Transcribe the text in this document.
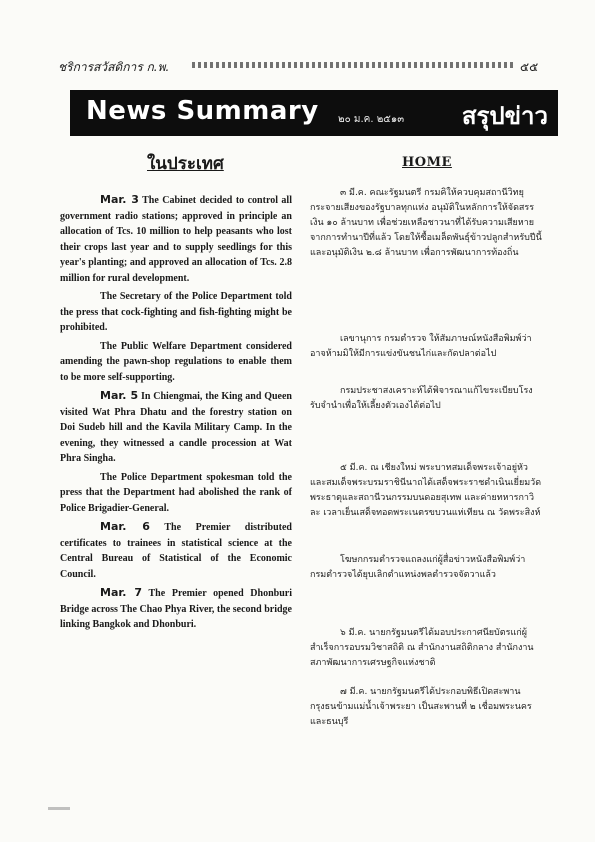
ชริการสวัสดิการ ก.พ.	๕๕
News Summary ๒๐ ม.ค. ๒๕๑๓ สรุปข่าว
ในประเทศ	HOME

Mar. 3 The Cabinet decided to control all government radio stations; approved in principle an allocation of Tcs. 10 million to help peasants who lost their crops last year and to supply seedlings for this year's planting; and approved an allocation of Tcs. 2.8 million for rural development.

The Secretary of the Police Department told the press that cock-fighting and fish-fighting might be prohibited.

The Public Welfare Department considered amending the pawn-shop regulations to enable them to be more self-supporting.

Mar. 5 In Chiengmai, the King and Queen visited Wat Phra Dhatu and the forestry station on Doi Sudeb hill and the Kavila Military Camp. In the evening, they witnessed a candle procession at Wat Phra Singha.

The Police Department spokesman told the press that the Department had abolished the rank of Police Brigadier-General.

Mar. 6 The Premier distributed certificates to trainees in statistical science at the Central Bureau of Statistical of the Economic Council.

Mar. 7 The Premier opened Dhonburi Bridge across The Chao Phya River, the second bridge linking Bangkok and Dhonburi.

๓ มี.ค. คณะรัฐมนตรี กรมคิให้ควบคุมสถานีวิทยุกระจายเสียงของรัฐบาลทุกแห่ง อนุมัติในหลักการให้จัดสรรเงิน ๑๐ ล้านบาท เพื่อช่วยเหลือชาวนาที่ได้รับความเสียหายจากการทำนาปีที่แล้ว โดยให้ซื้อเมล็ดพันธุ์ข้าวปลูกสำหรับปีนี้ และอนุมัติเงิน ๒.๘ ล้านบาท เพื่อการพัฒนาการท้องถิ่น

เลขานุการ กรมตำรวจ ให้สัมภาษณ์หนังสือพิมพ์ว่า อาจห้ามมิให้มีการแข่งขันชนไก่และกัดปลาต่อไป

กรมประชาสงเคราะห์ได้พิจารณาแก้ไขระเบียบโรงรับจำนำเพื่อให้เลี้ยงตัวเองได้ต่อไป

๕ มี.ค. ณ เชียงใหม่ พระบาทสมเด็จพระเจ้าอยู่หัวและสมเด็จพระบรมราชินีนาถได้เสด็จพระราชดำเนินเยี่ยมวัดพระธาตุและสถานีวนกรรมบนดอยสุเทพ และค่ายทหารกาวิละ เวลาเย็นเสด็จทอดพระเนตรขบวนแห่เทียน ณ วัดพระสิงห์

โฆษกกรมตำรวจแถลงแก่ผู้สื่อข่าวหนังสือพิมพ์ว่า กรมตำรวจได้ยุบเลิกตำแหน่งพลตำรวจจัตวาแล้ว

๖ มี.ค. นายกรัฐมนตรีได้มอบประกาศนียบัตรแก่ผู้สำเร็จการอบรมวิชาสถิติ ณ สำนักงานสถิติกลาง สำนักงานสภาพัฒนาการเศรษฐกิจแห่งชาติ

๗ มี.ค. นายกรัฐมนตรีได้ประกอบพิธีเปิดสะพานกรุงธนข้ามแม่น้ำเจ้าพระยา เป็นสะพานที่ ๒ เชื่อมพระนครและธนบุรี
